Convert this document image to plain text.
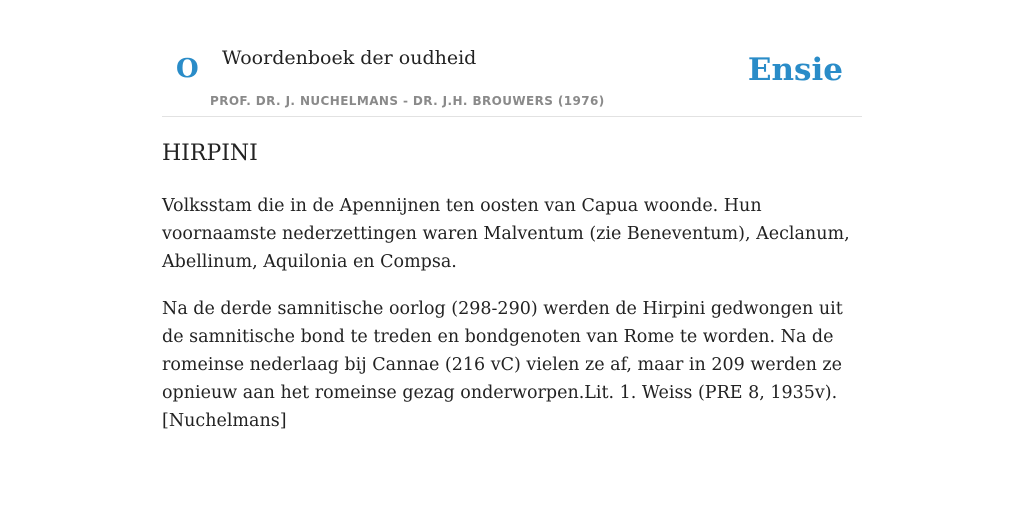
O Woordenboek der oudheid
PROF. DR. J. NUCHELMANS - DR. J.H. BROUWERS (1976)
Ensie
HIRPINI

Volksstam die in de Apennijnen ten oosten van Capua woonde. Hun voornaamste nederzettingen waren Malventum (zie Beneventum), Aeclanum, Abellinum, Aquilonia en Compsa.

Na de derde samnitische oorlog (298-290) werden de Hirpini gedwongen uit de samnitische bond te treden en bondgenoten van Rome te worden. Na de romeinse nederlaag bij Cannae (216 vC) vielen ze af, maar in 209 werden ze opnieuw aan het romeinse gezag onderworpen.Lit. 1. Weiss (PRE 8, 1935v). [Nuchelmans]
